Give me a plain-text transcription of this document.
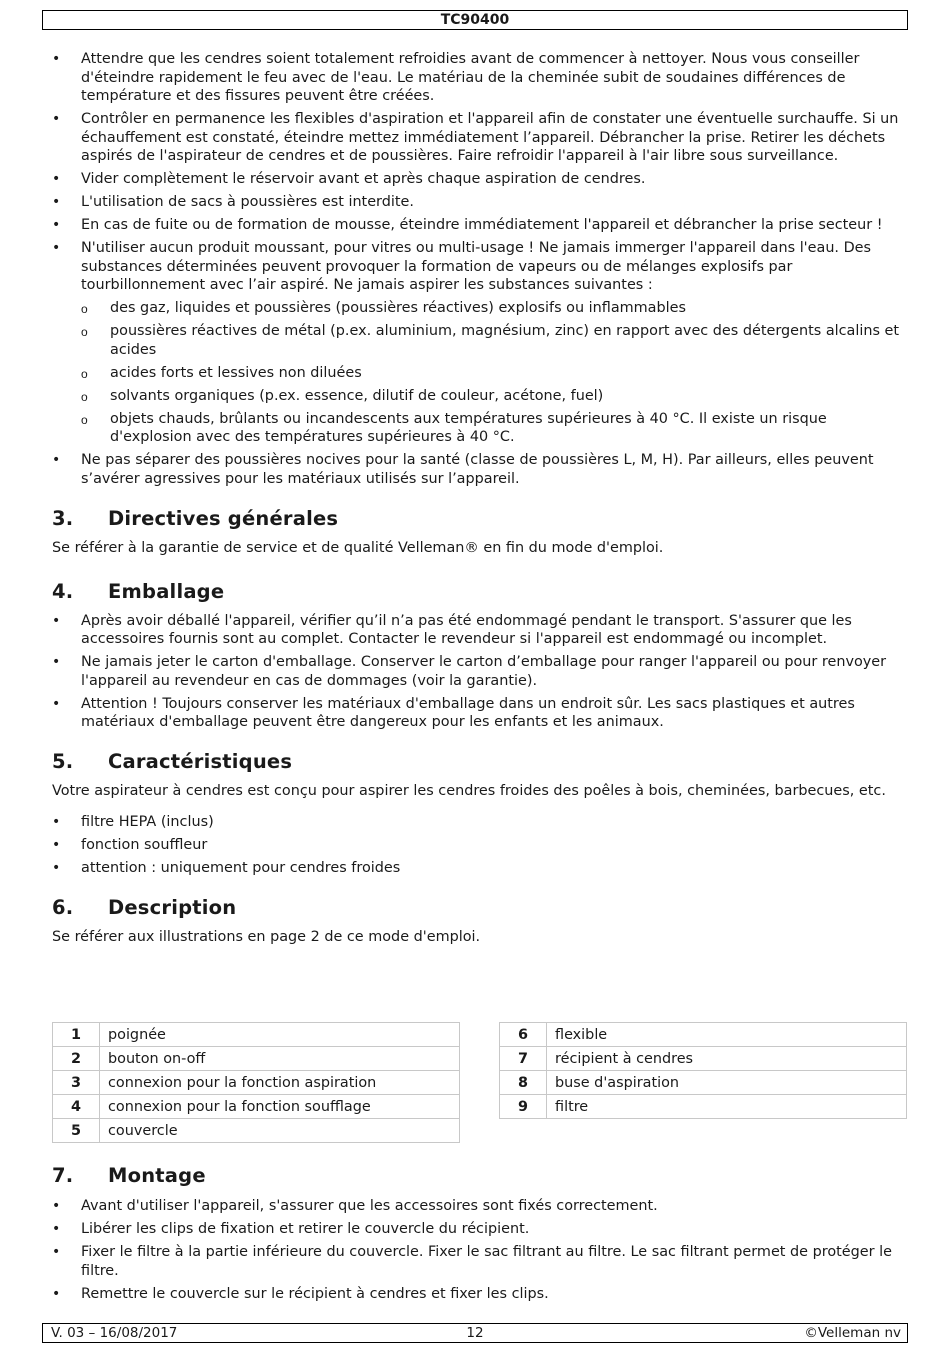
TC90400
• Attendre que les cendres soient totalement refroidies avant de commencer à nettoyer. Nous vous conseiller d'éteindre rapidement le feu avec de l'eau. Le matériau de la cheminée subit de soudaines différences de température et des fissures peuvent être créées.
• Contrôler en permanence les flexibles d'aspiration et l'appareil afin de constater une éventuelle surchauffe. Si un échauffement est constaté, éteindre mettez immédiatement l’appareil. Débrancher la prise. Retirer les déchets aspirés de l'aspirateur de cendres et de poussières. Faire refroidir l'appareil à l'air libre sous surveillance.
• Vider complètement le réservoir avant et après chaque aspiration de cendres.
• L'utilisation de sacs à poussières est interdite.
• En cas de fuite ou de formation de mousse, éteindre immédiatement l'appareil et débrancher la prise secteur !
• N'utiliser aucun produit moussant, pour vitres ou multi-usage ! Ne jamais immerger l'appareil dans l'eau. Des substances déterminées peuvent provoquer la formation de vapeurs ou de mélanges explosifs par tourbillonnement avec l’air aspiré. Ne jamais aspirer les substances suivantes :
o des gaz, liquides et poussières (poussières réactives) explosifs ou inflammables
o poussières réactives de métal (p.ex. aluminium, magnésium, zinc) en rapport avec des détergents alcalins et acides
o acides forts et lessives non diluées
o solvants organiques (p.ex. essence, dilutif de couleur, acétone, fuel)
o objets chauds, brûlants ou incandescents aux températures supérieures à 40 °C. Il existe un risque d'explosion avec des températures supérieures à 40 °C.
• Ne pas séparer des poussières nocives pour la santé (classe de poussières L, M, H). Par ailleurs, elles peuvent s’avérer agressives pour les matériaux utilisés sur l’appareil.
3. Directives générales

Se référer à la garantie de service et de qualité Velleman® en fin du mode d'emploi.

4. Emballage
• Après avoir déballé l'appareil, vérifier qu’il n’a pas été endommagé pendant le transport. S'assurer que les accessoires fournis sont au complet. Contacter le revendeur si l'appareil est endommagé ou incomplet.
• Ne jamais jeter le carton d'emballage. Conserver le carton d’emballage pour ranger l'appareil ou pour renvoyer l'appareil au revendeur en cas de dommages (voir la garantie).
• Attention ! Toujours conserver les matériaux d'emballage dans un endroit sûr. Les sacs plastiques et autres matériaux d'emballage peuvent être dangereux pour les enfants et les animaux.
5. Caractéristiques

Votre aspirateur à cendres est conçu pour aspirer les cendres froides des poêles à bois, cheminées, barbecues, etc.

• filtre HEPA (inclus)
• fonction souffleur
• attention : uniquement pour cendres froides
6. Description

Se référer aux illustrations en page 2 de ce mode d'emploi.

1	poignée
2	bouton on-off
3	connexion pour la fonction aspiration
4	connexion pour la fonction soufflage
5	couvercle
6	flexible
7	récipient à cendres
8	buse d'aspiration
9	filtre
7. Montage
• Avant d'utiliser l'appareil, s'assurer que les accessoires sont fixés correctement.
• Libérer les clips de fixation et retirer le couvercle du récipient.
• Fixer le filtre à la partie inférieure du couvercle. Fixer le sac filtrant au filtre. Le sac filtrant permet de protéger le filtre.
• Remettre le couvercle sur le récipient à cendres et fixer les clips.
V. 03 – 16/08/2017	12	©Velleman nv
